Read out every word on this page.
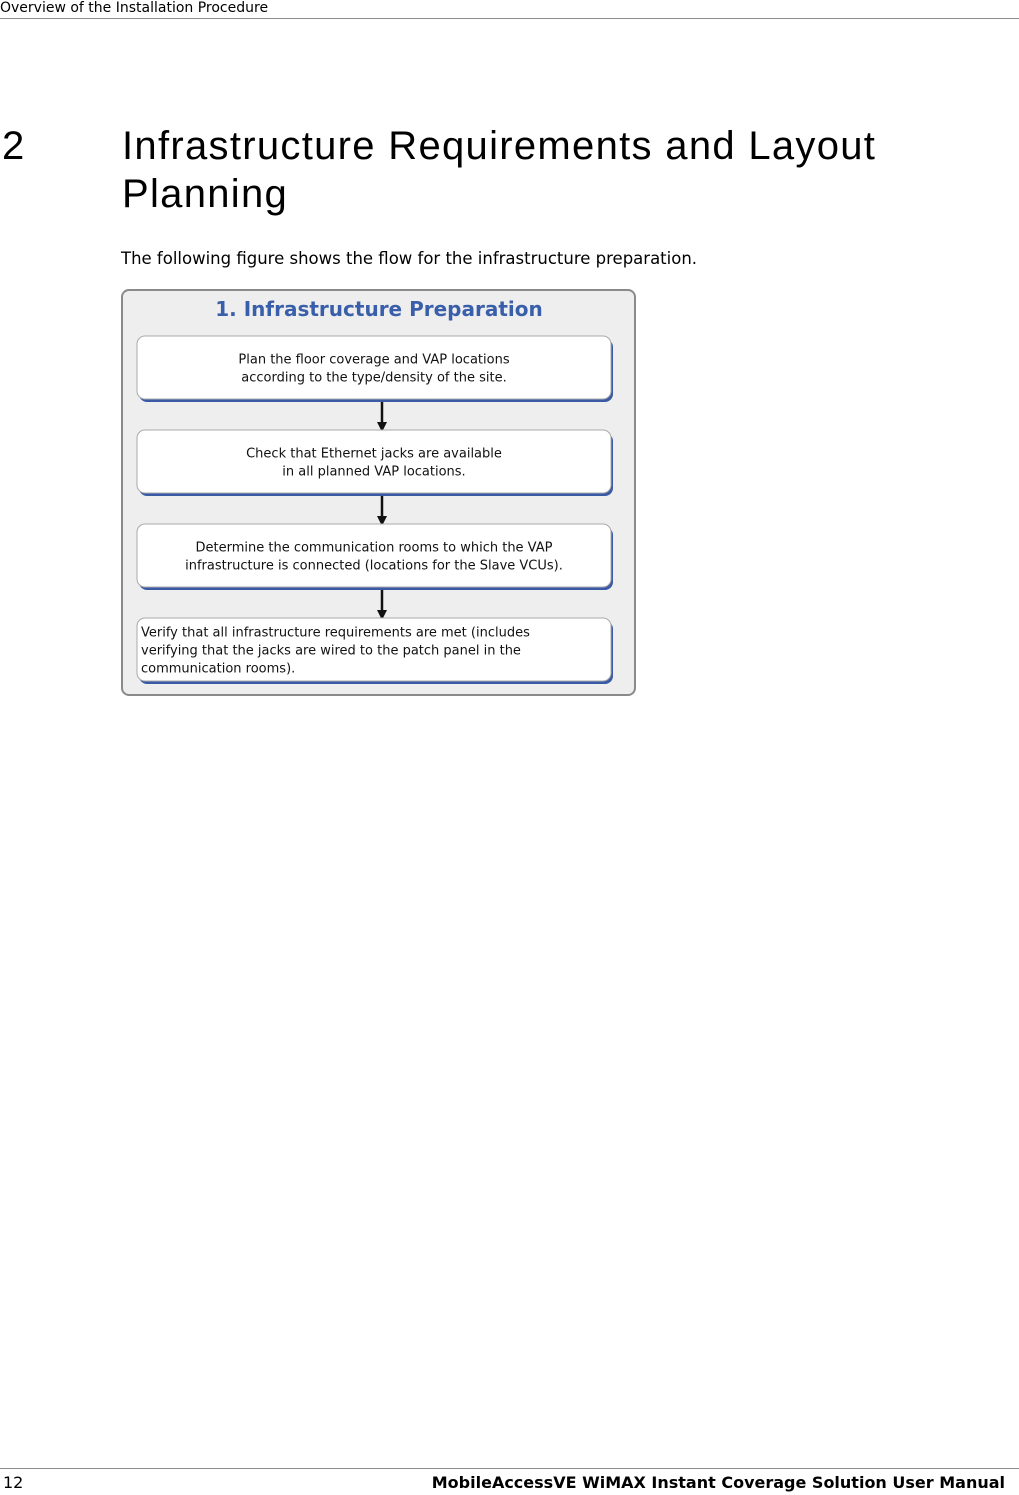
Overview of the Installation Procedure
2 Infrastructure Requirements and Layout Planning
The following figure shows the flow for the infrastructure preparation.
1. Infrastructure Preparation
Plan the floor coverage and VAP locations
according to the type/density of the site.
Check that Ethernet jacks are available
in all planned VAP locations.
Determine the communication rooms to which the VAP
infrastructure is connected (locations for the Slave VCUs).
Verify that all infrastructure requirements are met (includes
verifying that the jacks are wired to the patch panel in the
communication rooms).
12	MobileAccessVE WiMAX Instant Coverage Solution User Manual
